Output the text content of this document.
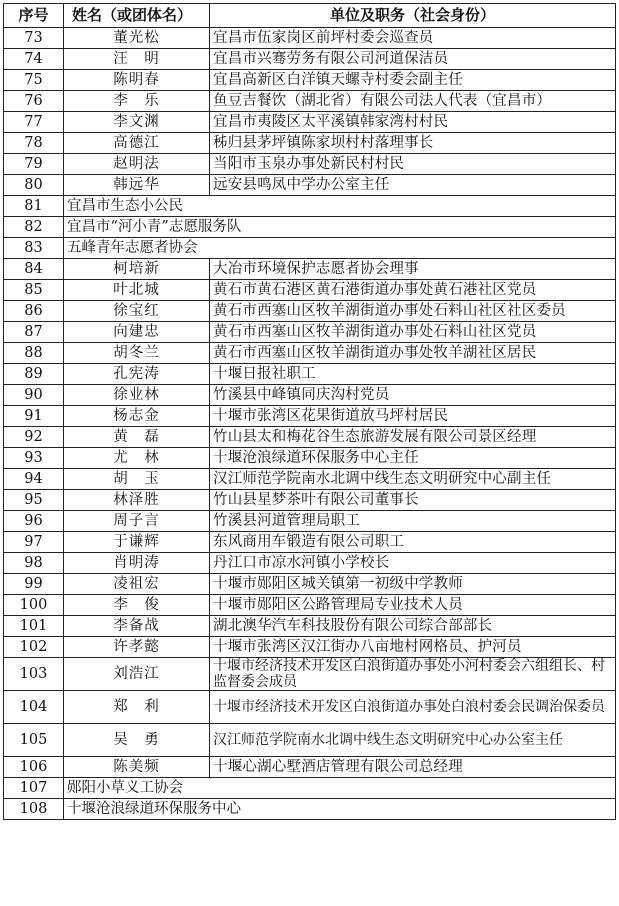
序号	姓名（或团体名）	单位及职务（社会身份）	
73	董光松	宜昌市伍家岗区前坪村委会巡查员	
74	汪　明	宜昌市兴骞劳务有限公司河道保洁员	
75	陈明春	宜昌高新区白洋镇天螺寺村委会副主任	
76	李　乐	鱼豆吉餐饮（湖北省）有限公司法人代表（宜昌市）	
77	李文渊	宜昌市夷陵区太平溪镇韩家湾村村民	
78	高德江	秭归县茅坪镇陈家坝村村落理事长	
79	赵明法	当阳市玉泉办事处新民村村民	
80	韩远华	远安县鸣凤中学办公室主任	
81	宜昌市生态小公民		
82	宜昌市“河小青”志愿服务队		
83	五峰青年志愿者协会		
84	柯培新	大冶市环境保护志愿者协会理事	
85	叶北城	黄石市黄石港区黄石港街道办事处黄石港社区党员	
86	徐宝红	黄石市西塞山区牧羊湖街道办事处石料山社区社区委员	
87	向建忠	黄石市西塞山区牧羊湖街道办事处石料山社区党员	
88	胡冬兰	黄石市西塞山区牧羊湖街道办事处牧羊湖社区居民	
89	孔宪涛	十堰日报社职工	
90	徐业林	竹溪县中峰镇同庆沟村党员	
91	杨志金	十堰市张湾区花果街道放马坪村居民	
92	黄　磊	竹山县太和梅花谷生态旅游发展有限公司景区经理	
93	尤　林	十堰沧浪绿道环保服务中心主任	
94	胡　玉	汉江师范学院南水北调中线生态文明研究中心副主任	
95	林泽胜	竹山县星梦茶叶有限公司董事长	
96	周子言	竹溪县河道管理局职工	
97	于谦辉	东风商用车锻造有限公司职工	
98	肖明涛	丹江口市凉水河镇小学校长	
99	凌祖宏	十堰市郧阳区城关镇第一初级中学教师	
100	李　俊	十堰市郧阳区公路管理局专业技术人员	
101	李备战	湖北澳华汽车科技股份有限公司综合部部长	
102	许孝懿	十堰市张湾区汉江街办八亩地村网格员、护河员	
103	刘浩江	十堰市经济技术开发区白浪街道办事处小河村委会六组组长、村监督委会成员	
104	郑　利	十堰市经济技术开发区白浪街道办事处白浪村委会民调治保委员	
105	吴　勇	汉江师范学院南水北调中线生态文明研究中心办公室主任	
106	陈美频	十堰心湖心墅酒店管理有限公司总经理	
107	郧阳小草义工协会		
108	十堰沧浪绿道环保服务中心		
